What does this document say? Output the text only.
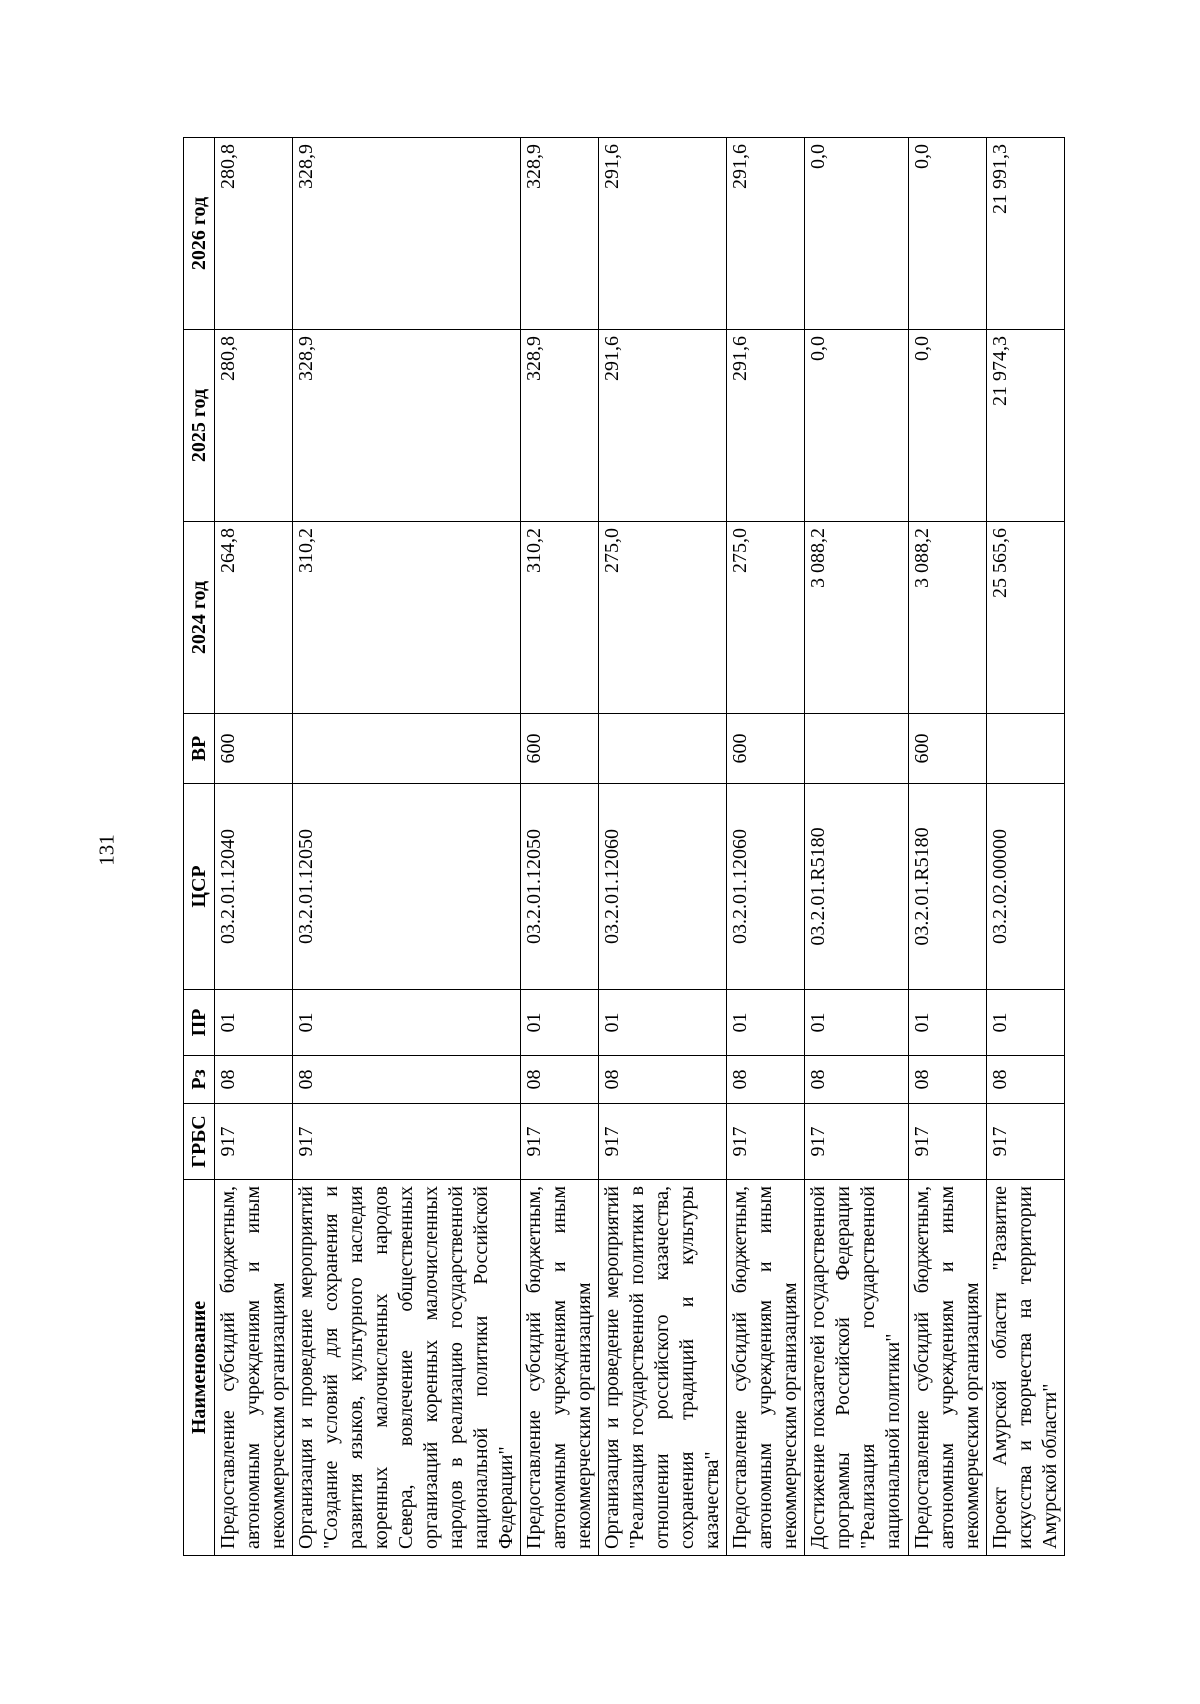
131
Наименование	ГРБС	Рз	ПР	ЦСР	ВР	2024 год	2025 год	2026 год
Предоставление субсидий бюджетным, автономным учреждениям и иным некоммерческим организациям	917	08	01	03.2.01.12040	600	264,8	280,8	280,8
Организация и проведение мероприятий "Создание условий для сохранения и развития языков, культурного наследия коренных малочисленных народов Севера, вовлечение общественных организаций коренных малочисленных народов в реализацию государственной национальной политики Российской Федерации"	917	08	01	03.2.01.12050		310,2	328,9	328,9
Предоставление субсидий бюджетным, автономным учреждениям и иным некоммерческим организациям	917	08	01	03.2.01.12050	600	310,2	328,9	328,9
Организация и проведение мероприятий "Реализация государственной политики в отношении российского казачества, сохранения традиций и культуры казачества"	917	08	01	03.2.01.12060		275,0	291,6	291,6
Предоставление субсидий бюджетным, автономным учреждениям и иным некоммерческим организациям	917	08	01	03.2.01.12060	600	275,0	291,6	291,6
Достижение показателей государственной программы Российской Федерации "Реализация государственной национальной политики"	917	08	01	03.2.01.R5180		3 088,2	0,0	0,0
Предоставление субсидий бюджетным, автономным учреждениям и иным некоммерческим организациям	917	08	01	03.2.01.R5180	600	3 088,2	0,0	0,0
Проект Амурской области "Развитие искусства и творчества на территории Амурской области"	917	08	01	03.2.02.00000		25 565,6	21 974,3	21 991,3
